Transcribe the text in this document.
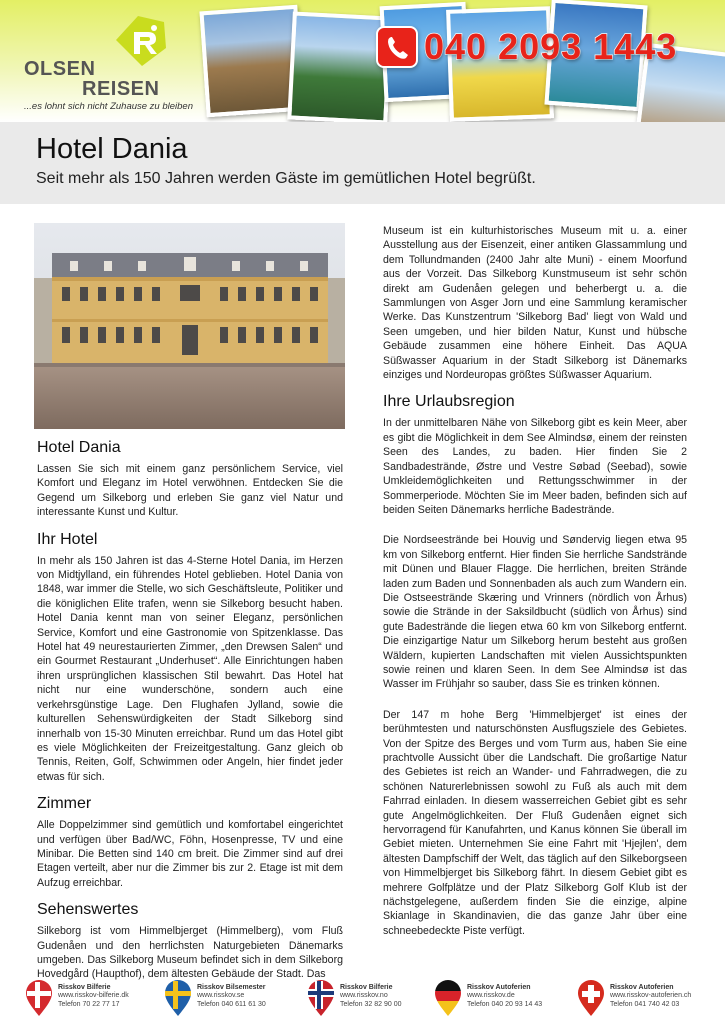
OLSEN
REISEN
...es lohnt sich nicht Zuhause zu bleiben
040 2093 1443
Hotel Dania
Seit mehr als 150 Jahren werden Gäste im gemütlichen Hotel begrüßt.
Hotel Dania

Lassen Sie sich mit einem ganz persönlichem Service, viel Komfort und Eleganz im Hotel verwöhnen. Entdecken Sie die Gegend um Silkeborg und erleben Sie ganz viel Natur und interessante Kunst und Kultur.

Ihr Hotel

In mehr als 150 Jahren ist das 4-Sterne Hotel Dania, im Herzen von Midtjylland, ein führendes Hotel geblieben. Hotel Dania von 1848, war immer die Stelle, wo sich Geschäftsleute, Politiker und die königlichen Elite trafen, wenn sie Silkeborg besucht haben. Hotel Dania kennt man von seiner Eleganz, persönlichen Service, Komfort und eine Gastronomie von Spitzenklasse. Das Hotel hat 49 neurestaurierten Zimmer, „den Drewsen Salen“ und ein Gourmet Restaurant „Underhuset“. Alle Einrichtungen haben ihren ursprünglichen klassischen Stil bewahrt. Das Hotel hat nicht nur eine wunderschöne, sondern auch eine verkehrsgünstige Lage. Den Flughafen Jylland, sowie die kulturellen Sehenswürdigkeiten der Stadt Silkeborg sind innerhalb von 15-30 Minuten erreichbar. Rund um das Hotel gibt es viele Möglichkeiten der Freizeitgestaltung. Ganz gleich ob Tennis, Reiten, Golf, Schwimmen oder Angeln, hier findet jeder etwas für sich.

Zimmer

Alle Doppelzimmer sind gemütlich und komfortabel eingerichtet und verfügen über Bad/WC, Föhn, Hosenpresse, TV und eine Minibar. Die Betten sind 140 cm breit. Die Zimmer sind auf drei Etagen verteilt, aber nur die Zimmer bis zur 2. Etage ist mit dem Aufzug erreichbar.

Sehenswertes

Silkeborg ist vom Himmelbjerget (Himmelberg), vom Fluß Gudenåen und den herrlichsten Naturgebieten Dänemarks umgeben. Das Silkeborg Museum befindet sich in dem Silkeborg Hovedgård (Haupthof), dem ältesten Gebäude der Stadt. Das

Museum ist ein kulturhistorisches Museum mit u. a. einer Ausstellung aus der Eisenzeit, einer antiken Glassammlung und dem Tollundmanden (2400 Jahr alte Muni) - einem Moorfund aus der Vorzeit. Das Silkeborg Kunstmuseum ist sehr schön direkt am Gudenåen gelegen und beherbergt u. a. die Sammlungen von Asger Jorn und eine Sammlung keramischer Werke. Das Kunstzentrum 'Silkeborg Bad' liegt von Wald und Seen umgeben, und hier bilden Natur, Kunst und hübsche Gebäude zusammen eine höhere Einheit. Das AQUA Süßwasser Aquarium in der Stadt Silkeborg ist Dänemarks einziges und Nordeuropas größtes Süßwasser Aquarium.

Ihre Urlaubsregion

In der unmittelbaren Nähe von Silkeborg gibt es kein Meer, aber es gibt die Möglichkeit in dem See Almindsø, einem der reinsten Seen des Landes, zu baden. Hier finden Sie 2 Sandbadestrände, Østre und Vestre Søbad (Seebad), sowie Umkleidemöglichkeiten und Rettungsschwimmer in der Sommerperiode. Möchten Sie im Meer baden, befinden sich auf beiden Seiten Dänemarks herrliche Badestrände.

Die Nordseestrände bei Houvig und Søndervig liegen etwa 95 km von Silkeborg entfernt. Hier finden Sie herrliche Sandstrände mit Dünen und Blauer Flagge. Die herrlichen, breiten Strände laden zum Baden und Sonnenbaden als auch zum Wandern ein. Die Ostseestrände Skæring und Vrinners (nördlich von Århus) sowie die Strände in der Saksildbucht (südlich von Århus) sind gute Badestrände die liegen etwa 60 km von Silkeborg entfernt. Die einzigartige Natur um Silkeborg herum besteht aus großen Wäldern, kupierten Landschaften mit vielen Aussichtspunkten sowie reinen und klaren Seen. In dem See Almindsø ist das Wasser im Frühjahr so sauber, dass Sie es trinken können.

Der 147 m hohe Berg 'Himmelbjerget' ist eines der berühmtesten und naturschönsten Ausflugsziele des Gebietes. Von der Spitze des Berges und vom Turm aus, haben Sie eine prachtvolle Aussicht über die Landschaft. Die großartige Natur des Gebietes ist reich an Wander- und Fahrradwegen, die zu schönen Naturerlebnissen sowohl zu Fuß als auch mit dem Fahrrad einladen. In diesem wasserreichen Gebiet gibt es sehr gute Angelmöglichkeiten. Der Fluß Gudenåen eignet sich hervorragend für Kanufahrten, und Kanus können Sie überall im Gebiet mieten. Unternehmen Sie eine Fahrt mit 'Hjejlen', dem ältesten Dampfschiff der Welt, das täglich auf den Silkeborgseen von Himmelbjerget bis Silkeborg fährt. In diesem Gebiet gibt es mehrere Golfplätze und der Platz Silkeborg Golf Klub ist der nächstgelegene, außerdem finden Sie die einzige, alpine Skianlage in Skandinavien, die das ganze Jahr über eine schneebedeckte Piste verfügt.

Risskov Bilferie
www.risskov-bilferie.dk
Telefon 70 22 77 17
Risskov Bilsemester
www.risskov.se
Telefon 040 611 61 30
Risskov Bilferie
www.risskov.no
Telefon 32 82 90 00
Risskov Autoferien
www.risskov.de
Telefon 040 20 93 14 43
Risskov Autoferien
www.risskov-autoferien.ch
Telefon 041 740 42 03
